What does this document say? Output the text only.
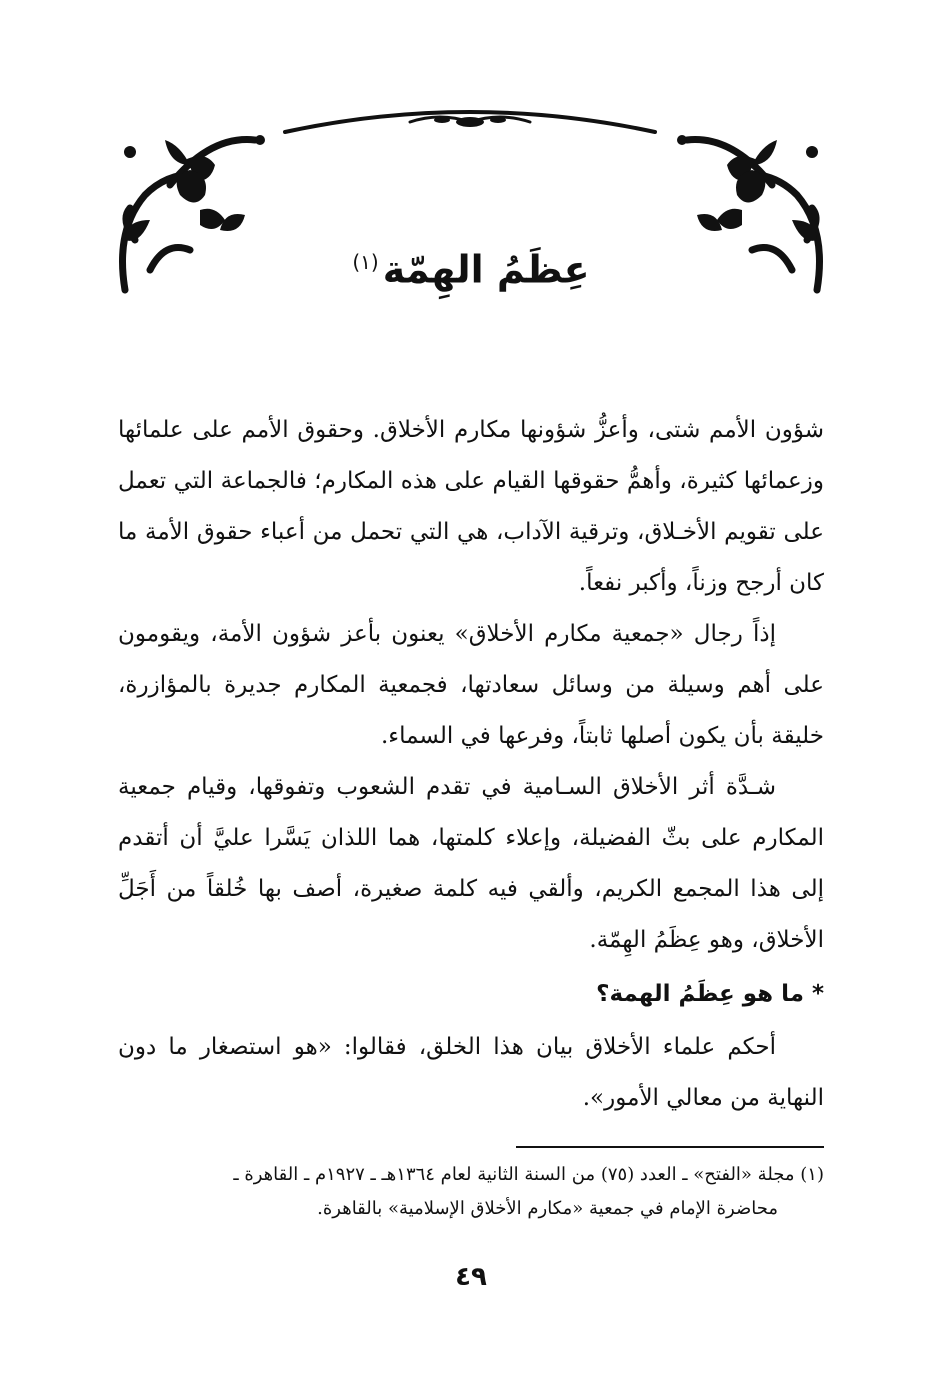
عِظَمُ الهِمّة$^{(١)}$

شؤون الأمم شتى، وأعزُّ شؤونها مكارم الأخلاق. وحقوق الأمم على علمائها وزعمائها كثيرة، وأهمُّ حقوقها القيام على هذه المكارم؛ فالجماعة التي تعمل على تقويم الأخـلاق، وترقية الآداب، هي التي تحمل من أعباء حقوق الأمة ما كان أرجح وزناً، وأكبر نفعاً.

إذاً رجال «جمعية مكارم الأخلاق» يعنون بأعز شؤون الأمة، ويقومون على أهم وسيلة من وسائل سعادتها، فجمعية المكارم جديرة بالمؤازرة، خليقة بأن يكون أصلها ثابتاً، وفرعها في السماء.

شـدَّة أثر الأخلاق السـامية في تقدم الشعوب وتفوقها، وقيام جمعية المكارم على بثّ الفضيلة، وإعلاء كلمتها، هما اللذان يَسَّرا عليَّ أن أتقدم إلى هذا المجمع الكريم، وألقي فيه كلمة صغيرة، أصف بها خُلقاً من أَجَلِّ الأخلاق، وهو عِظَمُ الهِمّة.

* ما هو عِظَمُ الهمة؟

أحكم علماء الأخلاق بيان هذا الخلق، فقالوا: «هو استصغار ما دون النهاية من معالي الأمور».

(١) مجلة «الفتح» ـ العدد (٧٥) من السنة الثانية لعام ١٣٦٤هـ ـ ١٩٢٧م ـ القاهرة ـ

محاضرة الإمام في جمعية «مكارم الأخلاق الإسلامية» بالقاهرة.

٤٩
